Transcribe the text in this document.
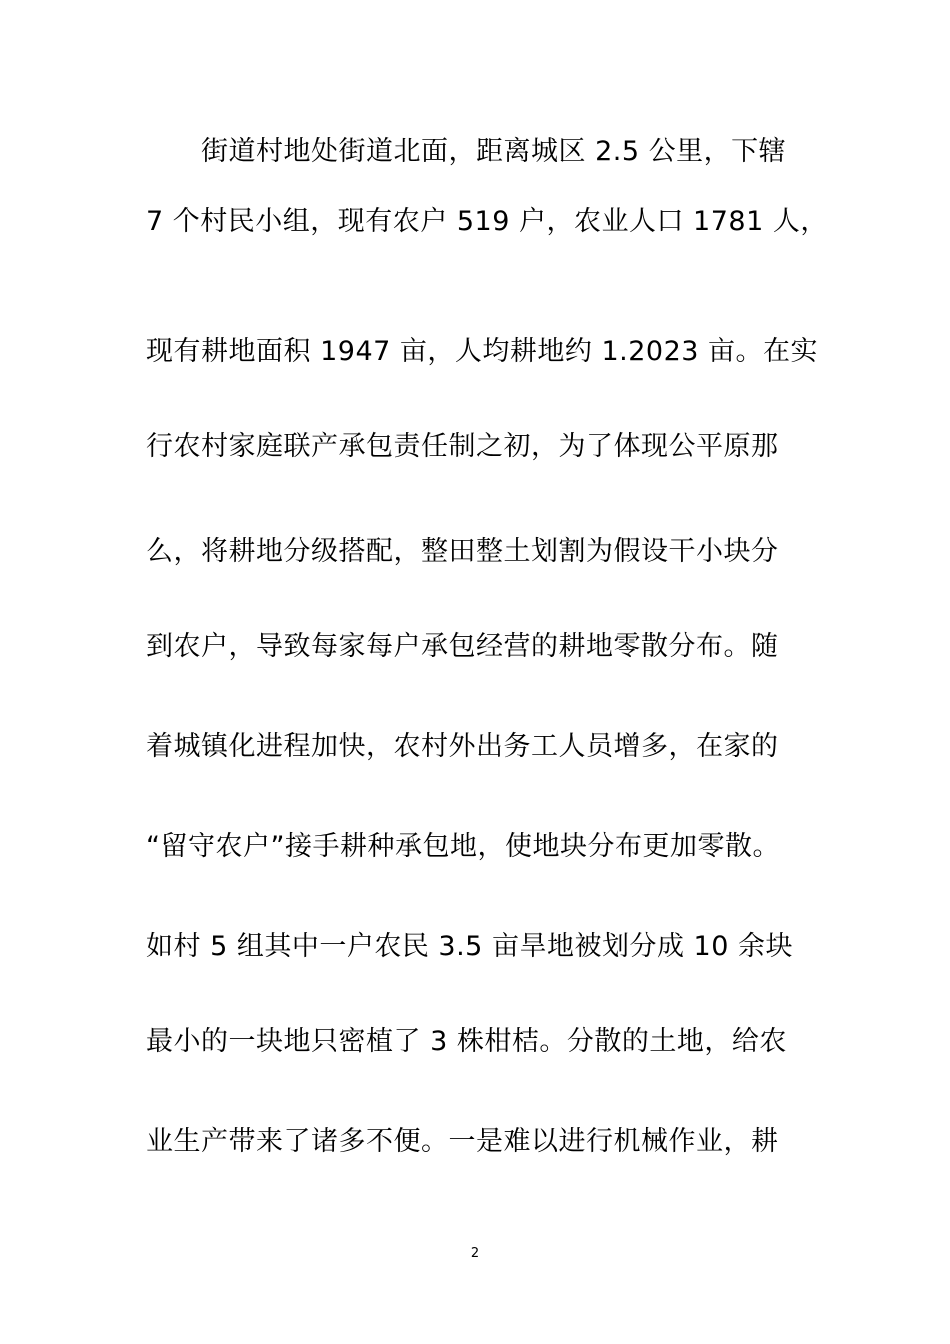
　　街道村地处街道北面，距离城区 2.5 公里，下辖
7 个村民小组，现有农户 519 户，农业人口 1781 人，
现有耕地面积 1947 亩，人均耕地约 1.2023 亩。在实
行农村家庭联产承包责任制之初，为了体现公平原那
么，将耕地分级搭配，整田整土划割为假设干小块分
到农户，导致每家每户承包经营的耕地零散分布。随
着城镇化进程加快，农村外出务工人员增多，在家的
“留守农户”接手耕种承包地，使地块分布更加零散。
如村 5 组其中一户农民 3.5 亩旱地被划分成 10 余块
最小的一块地只密植了 3 株柑桔。分散的土地，给农
业生产带来了诸多不便。一是难以进行机械作业，耕
2
